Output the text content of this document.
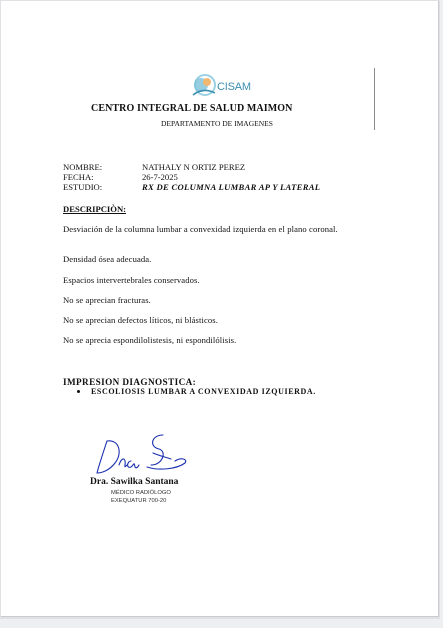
CISAM
CENTRO INTEGRAL DE SALUD MAIMON
DEPARTAMENTO DE IMAGENES
NOMBRE:	NATHALY N ORTIZ PEREZ
FECHA:	26-7-2025
ESTUDIO:	RX DE COLUMNA LUMBAR AP Y LATERAL
DESCRIPCIÒN:
Desviación de la columna lumbar a convexidad izquierda en el plano coronal.
Densidad ósea adecuada.
Espacios intervertebrales conservados.
No se aprecian fracturas.
No se aprecian defectos líticos, ni blásticos.
No se aprecia espondilolistesis, ni espondilólisis.
IMPRESION DIAGNOSTICA:
ESCOLIOSIS LUMBAR A CONVEXIDAD IZQUIERDA.
Dra. Sawilka Santana
MÉDICO RADIÓLOGO
EXEQUATUR 700-20
